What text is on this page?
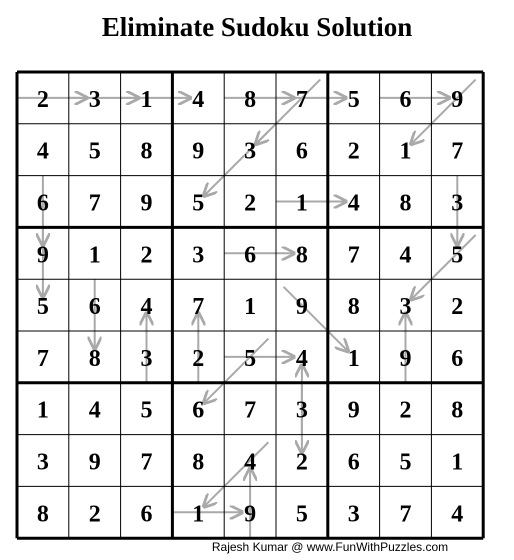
Eliminate Sudoku Solution
2 3 1 4 8 7 5 6 9
4 5 8 9 3 6 2 1 7
6 7 9 5 2 1 4 8 3
9 1 2 3 6 8 7 4 5
5 6 4 7 1 9 8 3 2
7 8 3 2 5 4 1 9 6
1 4 5 6 7 3 9 2 8
3 9 7 8 4 2 6 5 1
8 2 6 1 9 5 3 7 4
Rajesh Kumar @ www.FunWithPuzzles.com
